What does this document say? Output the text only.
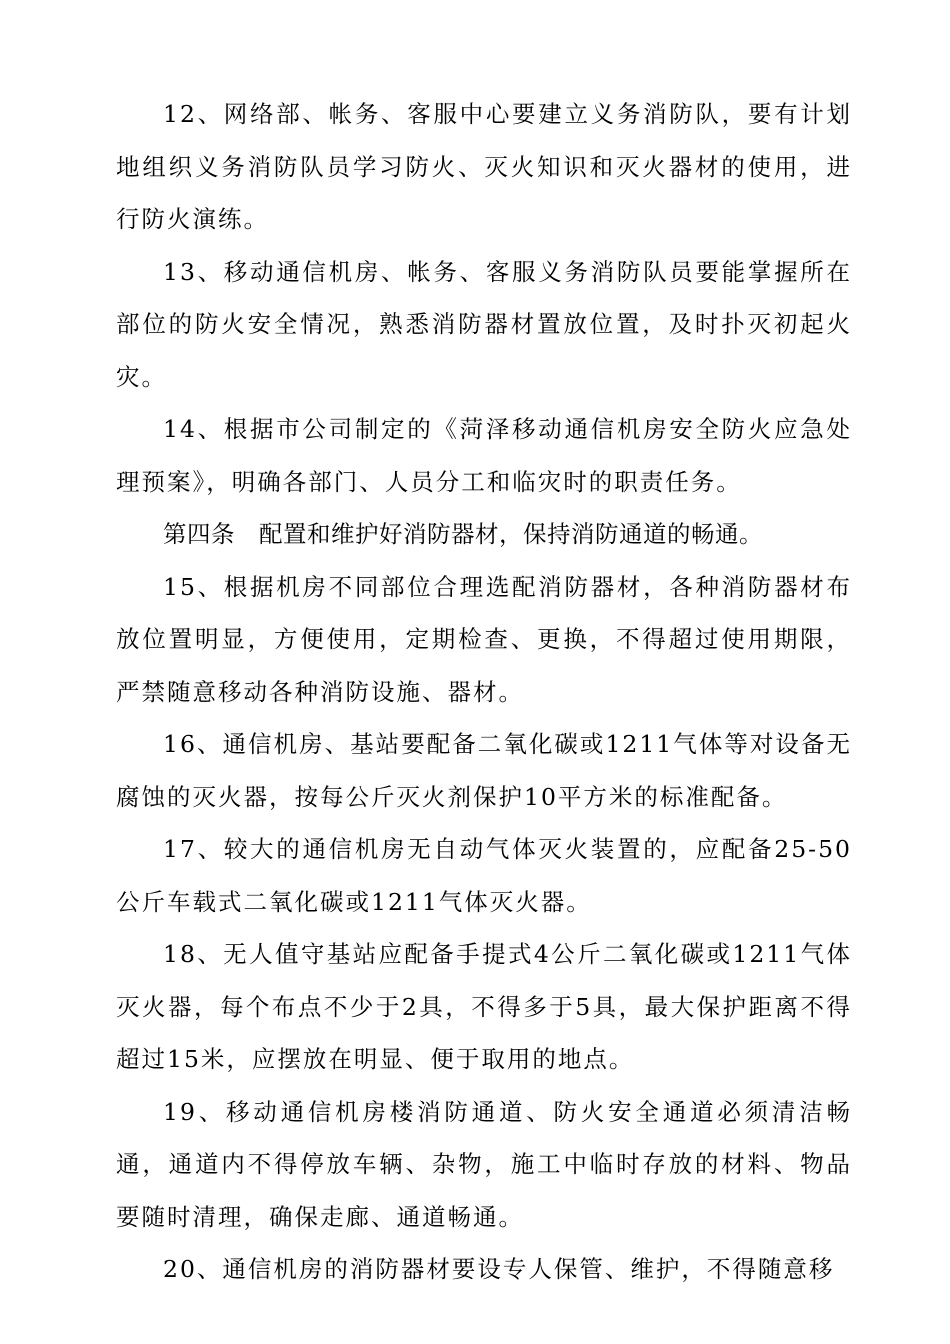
12、网络部、帐务、客服中心要建立义务消防队，要有计划地组织义务消防队员学习防火、灭火知识和灭火器材的使用，进行防火演练。

13、移动通信机房、帐务、客服义务消防队员要能掌握所在部位的防火安全情况，熟悉消防器材置放位置，及时扑灭初起火灾。

14、根据市公司制定的《菏泽移动通信机房安全防火应急处理预案》，明确各部门、人员分工和临灾时的职责任务。

第四条　配置和维护好消防器材，保持消防通道的畅通。

15、根据机房不同部位合理选配消防器材，各种消防器材布放位置明显，方便使用，定期检查、更换，不得超过使用期限，严禁随意移动各种消防设施、器材。

16、通信机房、基站要配备二氧化碳或1211气体等对设备无腐蚀的灭火器，按每公斤灭火剂保护10平方米的标准配备。

17、较大的通信机房无自动气体灭火装置的，应配备25-50公斤车载式二氧化碳或1211气体灭火器。

18、无人值守基站应配备手提式4公斤二氧化碳或1211气体灭火器，每个布点不少于2具，不得多于5具，最大保护距离不得超过15米，应摆放在明显、便于取用的地点。

19、移动通信机房楼消防通道、防火安全通道必须清洁畅通，通道内不得停放车辆、杂物，施工中临时存放的材料、物品要随时清理，确保走廊、通道畅通。

20、通信机房的消防器材要设专人保管、维护，不得随意移
